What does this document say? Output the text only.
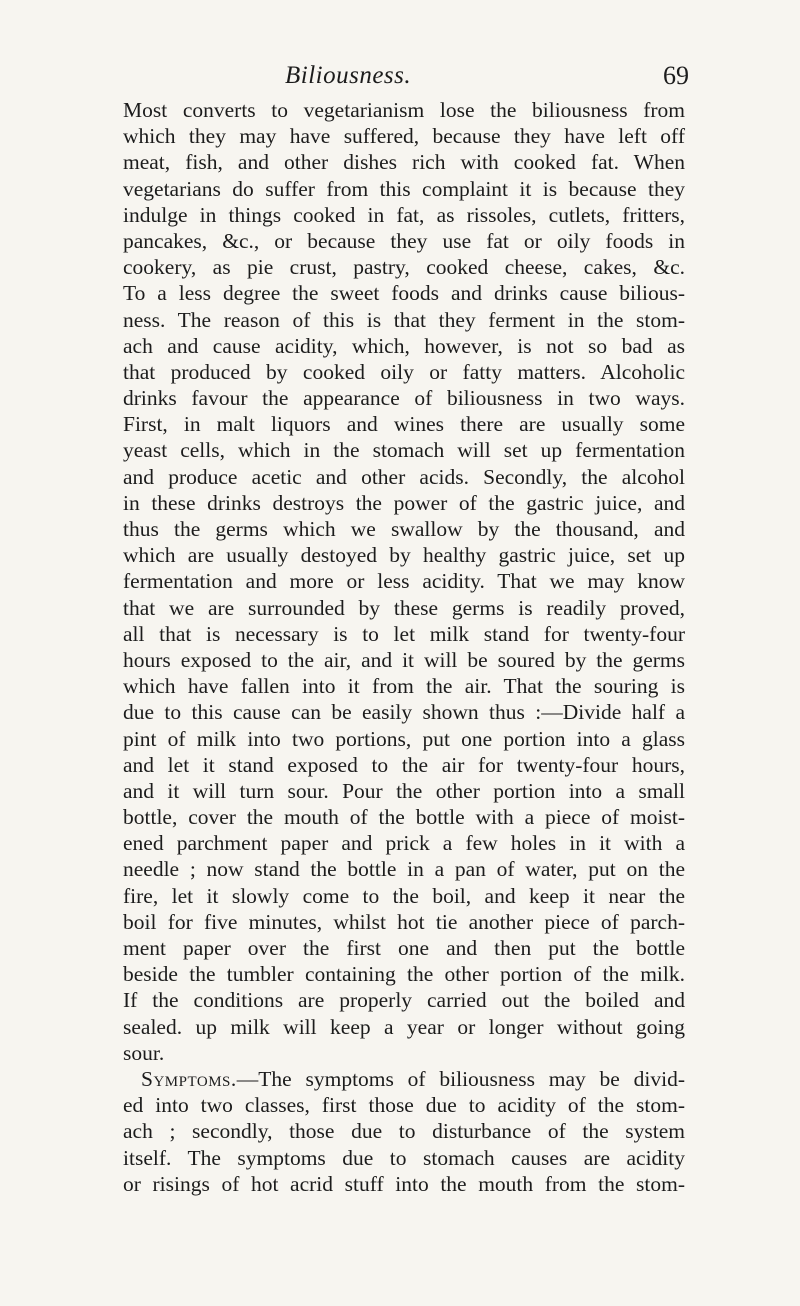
Biliousness.	69
Most converts to vegetarianism lose the biliousness from
which they may have suffered, because they have left off
meat, fish, and other dishes rich with cooked fat. When
vegetarians do suffer from this complaint it is because they
indulge in things cooked in fat, as rissoles, cutlets, fritters,
pancakes, &c., or because they use fat or oily foods in
cookery, as pie crust, pastry, cooked cheese, cakes, &c.
To a less degree the sweet foods and drinks cause bilious-
ness. The reason of this is that they ferment in the stom-
ach and cause acidity, which, however, is not so bad as
that produced by cooked oily or fatty matters. Alcoholic
drinks favour the appearance of biliousness in two ways.
First, in malt liquors and wines there are usually some
yeast cells, which in the stomach will set up fermentation
and produce acetic and other acids. Secondly, the alcohol
in these drinks destroys the power of the gastric juice, and
thus the germs which we swallow by the thousand, and
which are usually destoyed by healthy gastric juice, set up
fermentation and more or less acidity. That we may know
that we are surrounded by these germs is readily proved,
all that is necessary is to let milk stand for twenty-four
hours exposed to the air, and it will be soured by the germs
which have fallen into it from the air. That the souring is
due to this cause can be easily shown thus :—Divide half a
pint of milk into two portions, put one portion into a glass
and let it stand exposed to the air for twenty-four hours,
and it will turn sour. Pour the other portion into a small
bottle, cover the mouth of the bottle with a piece of moist-
ened parchment paper and prick a few holes in it with a
needle ; now stand the bottle in a pan of water, put on the
fire, let it slowly come to the boil, and keep it near the
boil for five minutes, whilst hot tie another piece of parch-
ment paper over the first one and then put the bottle
beside the tumbler containing the other portion of the milk.
If the conditions are properly carried out the boiled and
sealed. up milk will keep a year or longer without going
sour.
Symptoms.—The symptoms of biliousness may be divid-
ed into two classes, first those due to acidity of the stom-
ach ; secondly, those due to disturbance of the system
itself. The symptoms due to stomach causes are acidity
or risings of hot acrid stuff into the mouth from the stom-
